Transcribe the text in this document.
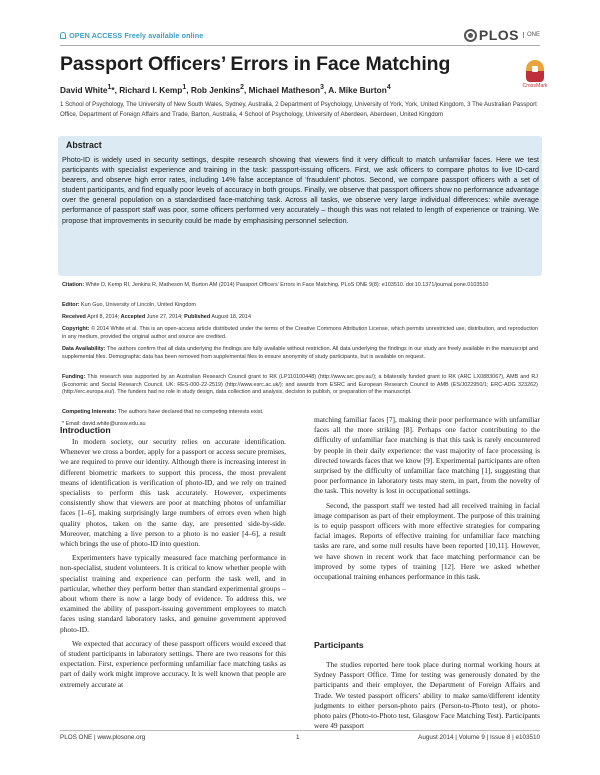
OPEN ACCESS Freely available online	PLOS	ONE
Passport Officers’ Errors in Face Matching
CrossMark
David White$^1$*, Richard I. Kemp$^1$, Rob Jenkins$^2$, Michael Matheson$^3$, A. Mike Burton$^4$
1 School of Psychology, The University of New South Wales, Sydney, Australia, 2 Department of Psychology, University of York, York, United Kingdom, 3 The Australian Passport Office, Department of Foreign Affairs and Trade, Barton, Australia, 4 School of Psychology, University of Aberdeen, Aberdeen, United Kingdom
Abstract
Photo-ID is widely used in security settings, despite research showing that viewers find it very difficult to match unfamiliar faces. Here we test participants with specialist experience and training in the task: passport-issuing officers. First, we ask officers to compare photos to live ID-card bearers, and observe high error rates, including 14% false acceptance of ‘fraudulent’ photos. Second, we compare passport officers with a set of student participants, and find equally poor levels of accuracy in both groups. Finally, we observe that passport officers show no performance advantage over the general population on a standardised face-matching task. Across all tasks, we observe very large individual differences: while average performance of passport staff was poor, some officers performed very accurately – though this was not related to length of experience or training. We propose that improvements in security could be made by emphasising personnel selection.
Citation: White D, Kemp RI, Jenkins R, Matheson M, Burton AM (2014) Passport Officers’ Errors in Face Matching. PLoS ONE 9(8): e103510. doi:10.1371/journal.pone.0103510
Editor: Kun Guo, University of Lincoln, United Kingdom
Received April 8, 2014; Accepted June 27, 2014; Published August 18, 2014
Copyright: © 2014 White et al. This is an open-access article distributed under the terms of the Creative Commons Attribution License, which permits unrestricted use, distribution, and reproduction in any medium, provided the original author and source are credited.
Data Availability: The authors confirm that all data underlying the findings are fully available without restriction. All data underlying the findings in our study are freely available in the manuscript and supplemental files. Demographic data has been removed from supplemental files to ensure anonymity of study participants, but is available on request.
Funding: This research was supported by an Australian Research Council grant to RK (LP110100448) (http://www.arc.gov.au/); a bilaterally funded grant to RK (ARC LX0883067), AMB and RJ (Economic and Social Research Council, UK: RES-000-22-2519) (http://www.esrc.ac.uk/); and awards from ESRC and European Research Council to AMB (ES/J022950/1; ERC-ADG 323262) (http://erc.europa.eu/). The funders had no role in study design, data collection and analysis, decision to publish, or preparation of the manuscript.
Competing Interests: The authors have declared that no competing interests exist.
* Email: david.white@unsw.edu.au
Introduction

In modern society, our security relies on accurate identification. Whenever we cross a border, apply for a passport or access secure premises, we are required to prove our identity. Although there is increasing interest in different biometric markers to support this process, the most prevalent means of identification is verification of photo-ID, and we rely on trained specialists to perform this task accurately. However, experiments consistently show that viewers are poor at matching photos of unfamiliar faces [1–6], making surprisingly large numbers of errors even when high quality photos, taken on the same day, are presented side-by-side. Moreover, matching a live person to a photo is no easier [4–6], a result which brings the use of photo-ID into question.

Experimenters have typically measured face matching performance in non-specialist, student volunteers. It is critical to know whether people with specialist training and experience can perform the task well, and in particular, whether they perform better than standard experimental groups – about whom there is now a large body of evidence. To address this, we examined the ability of passport-issuing government employees to match faces using standard laboratory tasks, and genuine government approved photo-ID.

We expected that accuracy of these passport officers would exceed that of student participants in laboratory settings. There are two reasons for this expectation. First, experience performing unfamiliar face matching tasks as part of daily work might improve accuracy. It is well known that people are extremely accurate at

matching familiar faces [7], making their poor performance with unfamiliar faces all the more striking [8]. Perhaps one factor contributing to the difficulty of unfamiliar face matching is that this task is rarely encountered by people in their daily experience: the vast majority of face processing is directed towards faces that we know [9]. Experimental participants are often surprised by the difficulty of unfamiliar face matching [1], suggesting that poor performance in laboratory tests may stem, in part, from the novelty of the task. This novelty is lost in occupational settings.

Second, the passport staff we tested had all received training in facial image comparison as part of their employment. The purpose of this training is to equip passport officers with more effective strategies for comparing facial images. Reports of effective training for unfamiliar face matching tasks are rare, and some null results have been reported [10,11]. However, we have shown in recent work that face matching performance can be improved by some types of training [12]. Here we asked whether occupational training enhances performance in this task.

Participants

The studies reported here took place during normal working hours at Sydney Passport Office. Time for testing was generously donated by the participants and their employer, the Department of Foreign Affairs and Trade. We tested passport officers’ ability to make same/different identity judgments to either person-photo pairs (Person-to-Photo test), or photo-photo pairs (Photo-to-Photo test, Glasgow Face Matching Test). Participants were 49 passport

PLOS ONE | www.plosone.org	1	August 2014 | Volume 9 | Issue 8 | e103510
